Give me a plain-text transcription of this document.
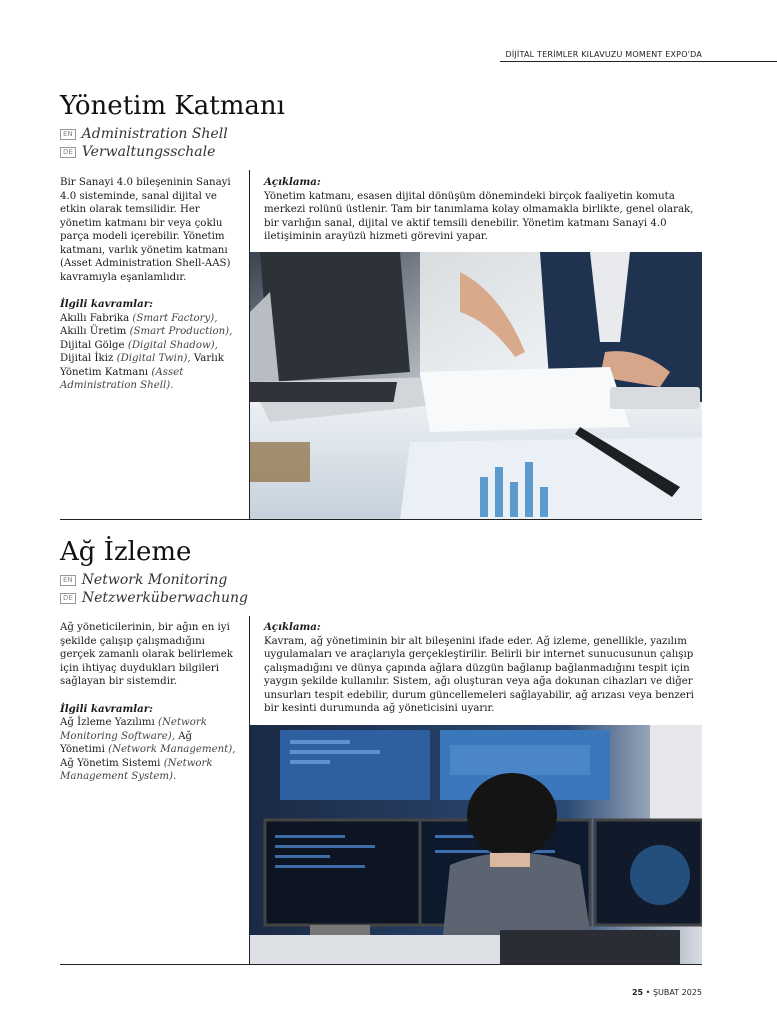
DİJİTAL TERİMLER KILAVUZU MOMENT EXPO'DA
Yönetim Katmanı
EN Administration Shell
DE Verwaltungsschale

Bir Sanayi 4.0 bileşeninin Sanayi 4.0 sisteminde, sanal dijital ve etkin olarak temsilidir. Her yönetim katmanı bir veya çoklu parça modeli içerebilir. Yönetim katmanı, varlık yönetim katmanı (Asset Administration Shell-AAS) kavramıyla eşanlamlıdır.

İlgili kavramlar:

Akıllı Fabrika (Smart Factory), Akıllı Üretim (Smart Production), Dijital Gölge (Digital Shadow), Dijital İkiz (Digital Twin), Varlık Yönetim Katmanı (Asset Administration Shell).

Açıklama:

Yönetim katmanı, esasen dijital dönüşüm dönemindeki birçok faaliyetin komuta merkezi rolünü üstlenir. Tam bir tanımlama kolay olmamakla birlikte, genel olarak, bir varlığın sanal, dijital ve aktif temsili denebilir. Yönetim katmanı Sanayi 4.0 iletişiminin arayüzü hizmeti görevini yapar.

Ağ İzleme
EN Network Monitoring
DE Netzwerküberwachung

Ağ yöneticilerinin, bir ağın en iyi şekilde çalışıp çalışmadığını gerçek zamanlı olarak belirlemek için ihtiyaç duydukları bilgileri sağlayan bir sistemdir.

İlgili kavramlar:

Ağ İzleme Yazılımı (Network Monitoring Software), Ağ Yönetimi (Network Management), Ağ Yönetim Sistemi (Network Management System).

Açıklama:

Kavram, ağ yönetiminin bir alt bileşenini ifade eder. Ağ izleme, genellikle, yazılım uygulamaları ve araçlarıyla gerçekleştirilir. Belirli bir internet sunucusunun çalışıp çalışmadığını ve dünya çapında ağlara düzgün bağlanıp bağlanmadığını tespit için yaygın şekilde kullanılır. Sistem, ağı oluşturan veya ağa dokunan cihazları ve diğer unsurları tespit edebilir, durum güncellemeleri sağlayabilir, ağ arızası veya benzeri bir kesinti durumunda ağ yöneticisini uyarır.

25 • ŞUBAT 2025
